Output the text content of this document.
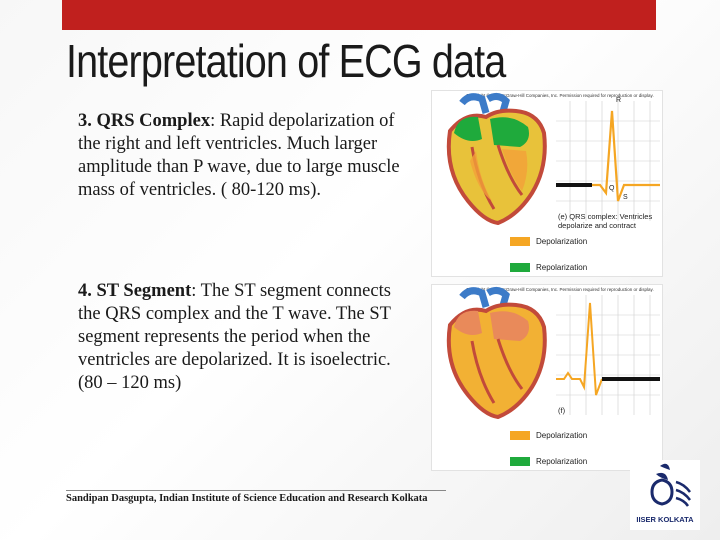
Interpretation of ECG data

3. QRS Complex: Rapid depolarization of the right and left ventricles. Much larger amplitude than P wave, due to large muscle mass of ventricles. ( 80-120 ms).

4. ST Segment: The ST segment connects the QRS complex and the T wave. The ST segment represents the period when the ventricles are depolarized. It is isoelectric. (80 – 120 ms)

Copyright © The McGraw-Hill Companies, Inc. Permission required for reproduction or display.
R
Q
S
(e) QRS complex: Ventricles depolarize and contract
Depolarization
Repolarization
Copyright © The McGraw-Hill Companies, Inc. Permission required for reproduction or display.
(f)
Depolarization
Repolarization

Sandipan Dasgupta, Indian Institute of Science Education and Research Kolkata

IISER KOLKATA
